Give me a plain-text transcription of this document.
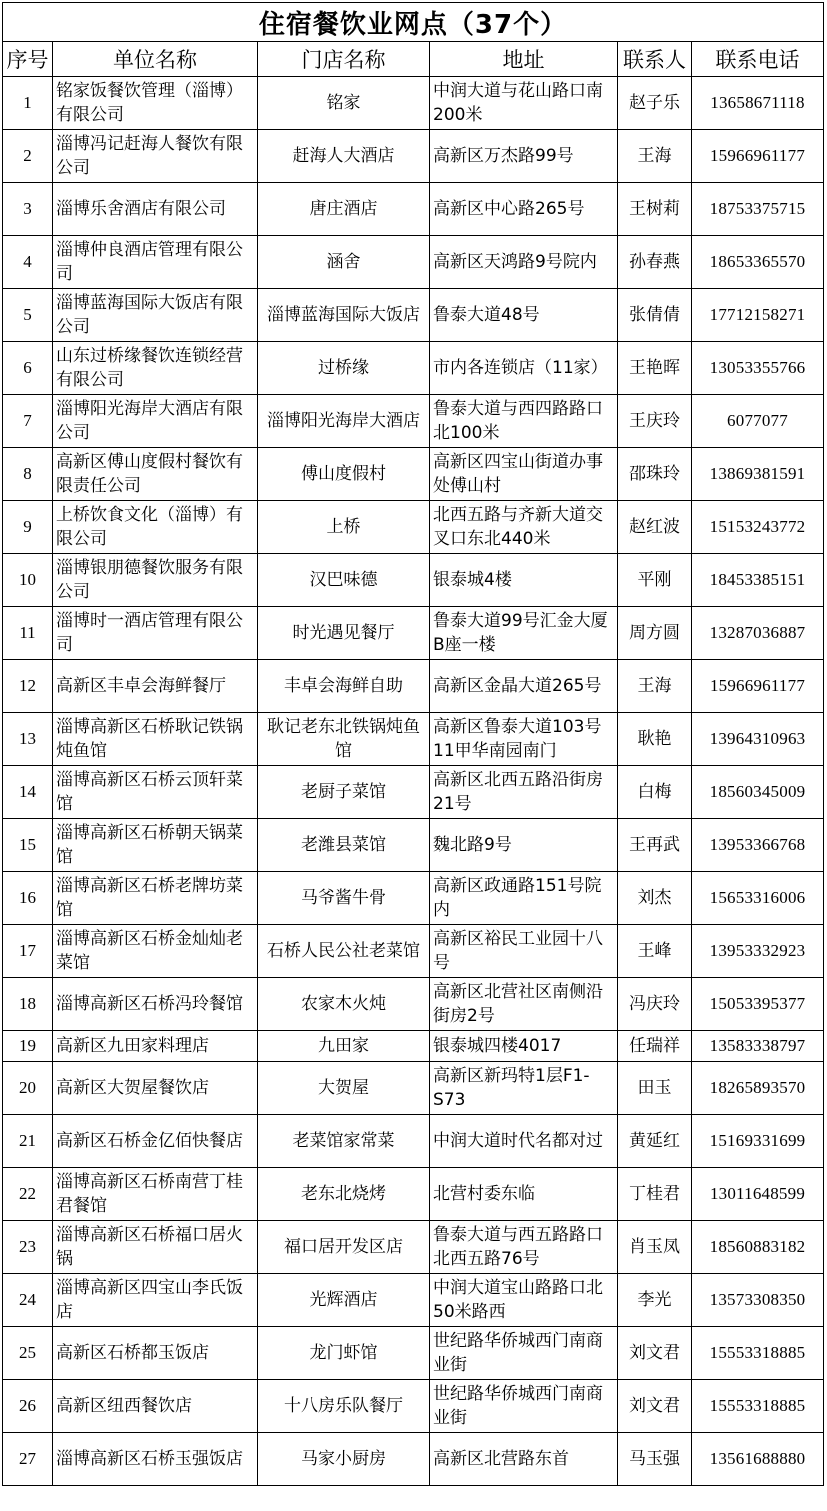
住宿餐饮业网点（37个）					
序号	单位名称	门店名称	地址	联系人	联系电话
1	铭家饭餐饮管理（淄博）有限公司	铭家	中润大道与花山路口南200米	赵子乐	13658671118
2	淄博冯记赶海人餐饮有限公司	赶海人大酒店	高新区万杰路99号	王海	15966961177
3	淄博乐舍酒店有限公司	唐庄酒店	高新区中心路265号	王树莉	18753375715
4	淄博仲良酒店管理有限公司	涵舍	高新区天鸿路9号院内	孙春燕	18653365570
5	淄博蓝海国际大饭店有限公司	淄博蓝海国际大饭店	鲁泰大道48号	张倩倩	17712158271
6	山东过桥缘餐饮连锁经营有限公司	过桥缘	市内各连锁店（11家）	王艳晖	13053355766
7	淄博阳光海岸大酒店有限公司	淄博阳光海岸大酒店	鲁泰大道与西四路路口北100米	王庆玲	6077077
8	高新区傅山度假村餐饮有限责任公司	傅山度假村	高新区四宝山街道办事处傅山村	邵珠玲	13869381591
9	上桥饮食文化（淄博）有限公司	上桥	北西五路与齐新大道交叉口东北440米	赵红波	15153243772
10	淄博银朋德餐饮服务有限公司	汉巴味德	银泰城4楼	平刚	18453385151
11	淄博时一酒店管理有限公司	时光遇见餐厅	鲁泰大道99号汇金大厦B座一楼	周方圆	13287036887
12	高新区丰卓会海鲜餐厅	丰卓会海鲜自助	高新区金晶大道265号	王海	15966961177
13	淄博高新区石桥耿记铁锅炖鱼馆	耿记老东北铁锅炖鱼馆	高新区鲁泰大道103号11甲华南园南门	耿艳	13964310963
14	淄博高新区石桥云顶轩菜馆	老厨子菜馆	高新区北西五路沿街房21号	白梅	18560345009
15	淄博高新区石桥朝天锅菜馆	老潍县菜馆	魏北路9号	王再武	13953366768
16	淄博高新区石桥老牌坊菜馆	马爷酱牛骨	高新区政通路151号院内	刘杰	15653316006
17	淄博高新区石桥金灿灿老菜馆	石桥人民公社老菜馆	高新区裕民工业园十八号	王峰	13953332923
18	淄博高新区石桥冯玲餐馆	农家木火炖	高新区北营社区南侧沿街房2号	冯庆玲	15053395377
19	高新区九田家料理店	九田家	银泰城四楼4017	任瑞祥	13583338797
20	高新区大贺屋餐饮店	大贺屋	高新区新玛特1层F1-S73	田玉	18265893570
21	高新区石桥金亿佰快餐店	老菜馆家常菜	中润大道时代名都对过	黄延红	15169331699
22	淄博高新区石桥南营丁桂君餐馆	老东北烧烤	北营村委东临	丁桂君	13011648599
23	淄博高新区石桥福口居火锅	福口居开发区店	鲁泰大道与西五路路口北西五路76号	肖玉凤	18560883182
24	淄博高新区四宝山李氏饭店	光辉酒店	中润大道宝山路路口北50米路西	李光	13573308350
25	高新区石桥都玉饭店	龙门虾馆	世纪路华侨城西门南商业街	刘文君	15553318885
26	高新区纽西餐饮店	十八房乐队餐厅	世纪路华侨城西门南商业街	刘文君	15553318885
27	淄博高新区石桥玉强饭店	马家小厨房	高新区北营路东首	马玉强	13561688880
